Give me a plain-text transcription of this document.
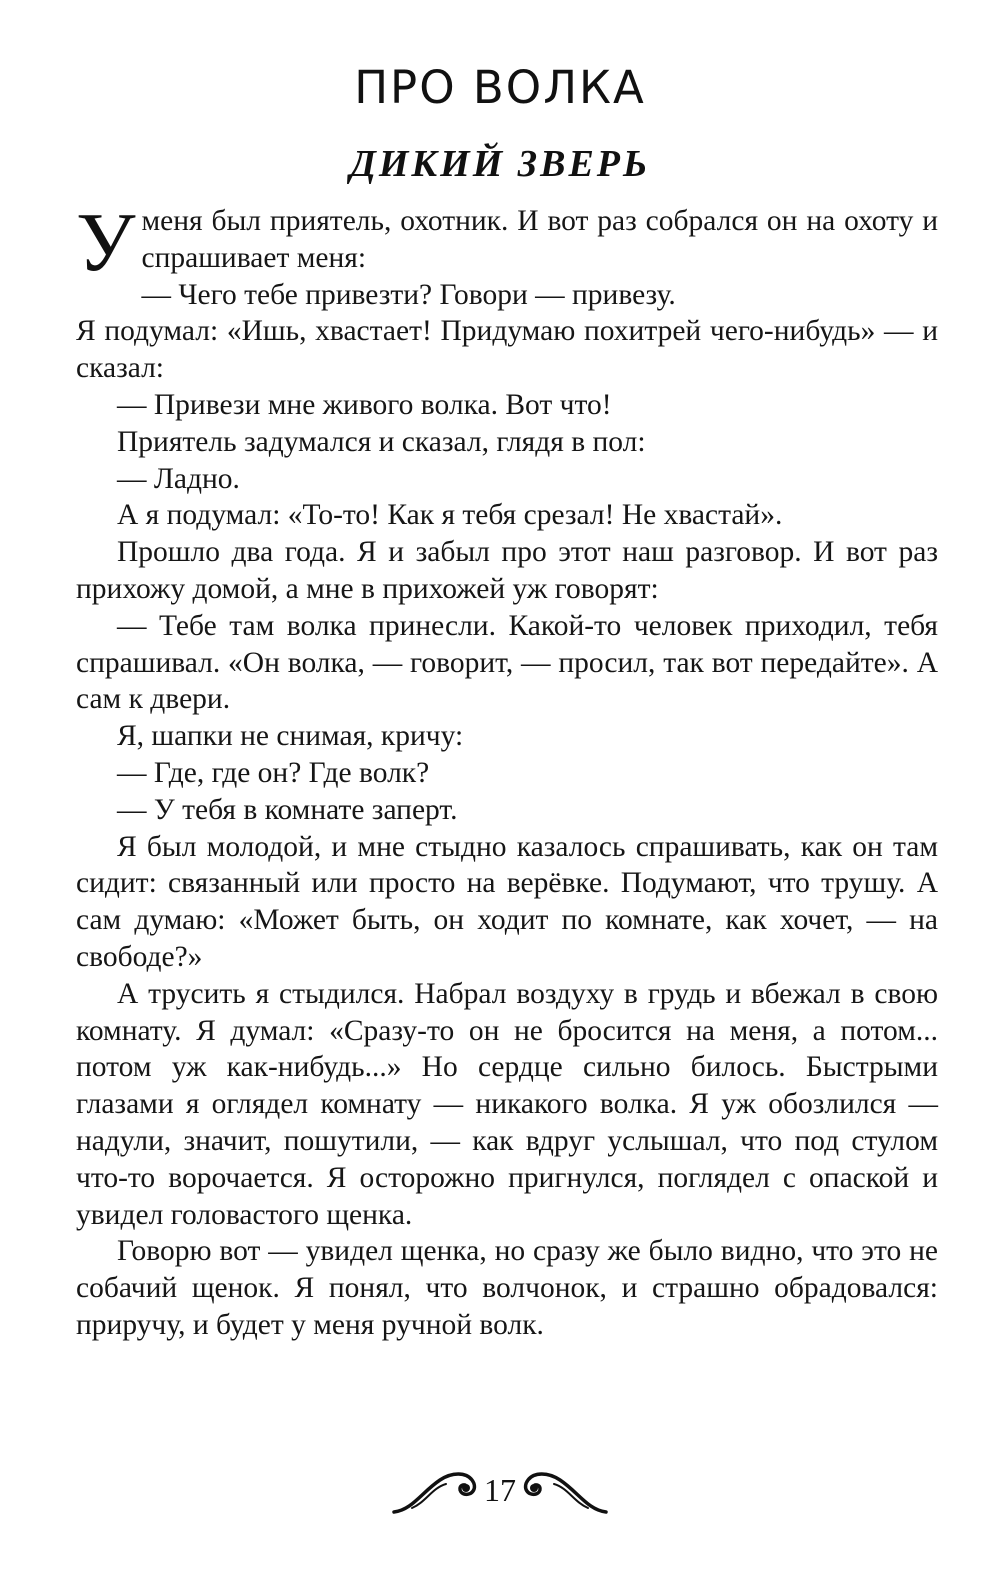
ПРО ВОЛКА
ДИКИЙ ЗВЕРЬ

У меня был приятель, охотник. И вот раз собрался он на охоту и спрашивает меня:

— Чего тебе привезти? Говори — привезу.

Я подумал: «Ишь, хвастает! Придумаю похитрей чего-нибудь» — и сказал:

— Привези мне живого волка. Вот что!

Приятель задумался и сказал, глядя в пол:

— Ладно.

А я подумал: «То-то! Как я тебя срезал! Не хвастай».

Прошло два года. Я и забыл про этот наш разговор. И вот раз прихожу домой, а мне в прихожей уж говорят:

— Тебе там волка принесли. Какой-то человек приходил, тебя спрашивал. «Он волка, — говорит, — просил, так вот передайте». А сам к двери.

Я, шапки не снимая, кричу:

— Где, где он? Где волк?

— У тебя в комнате заперт.

Я был молодой, и мне стыдно казалось спрашивать, как он там сидит: связанный или просто на верёвке. Подумают, что трушу. А сам думаю: «Может быть, он ходит по комнате, как хочет, — на свободе?»

А трусить я стыдился. Набрал воздуху в грудь и вбежал в свою комнату. Я думал: «Сразу-то он не бросится на меня, а потом... потом уж как-нибудь...» Но сердце сильно билось. Быстрыми глазами я оглядел комнату — никакого волка. Я уж обозлился — надули, значит, пошутили, — как вдруг услышал, что под стулом что-то ворочается. Я осторожно пригнулся, поглядел с опаской и увидел головастого щенка.

Говорю вот — увидел щенка, но сразу же было видно, что это не собачий щенок. Я понял, что волчонок, и страшно обрадовался: приручу, и будет у меня ручной волк.

17
